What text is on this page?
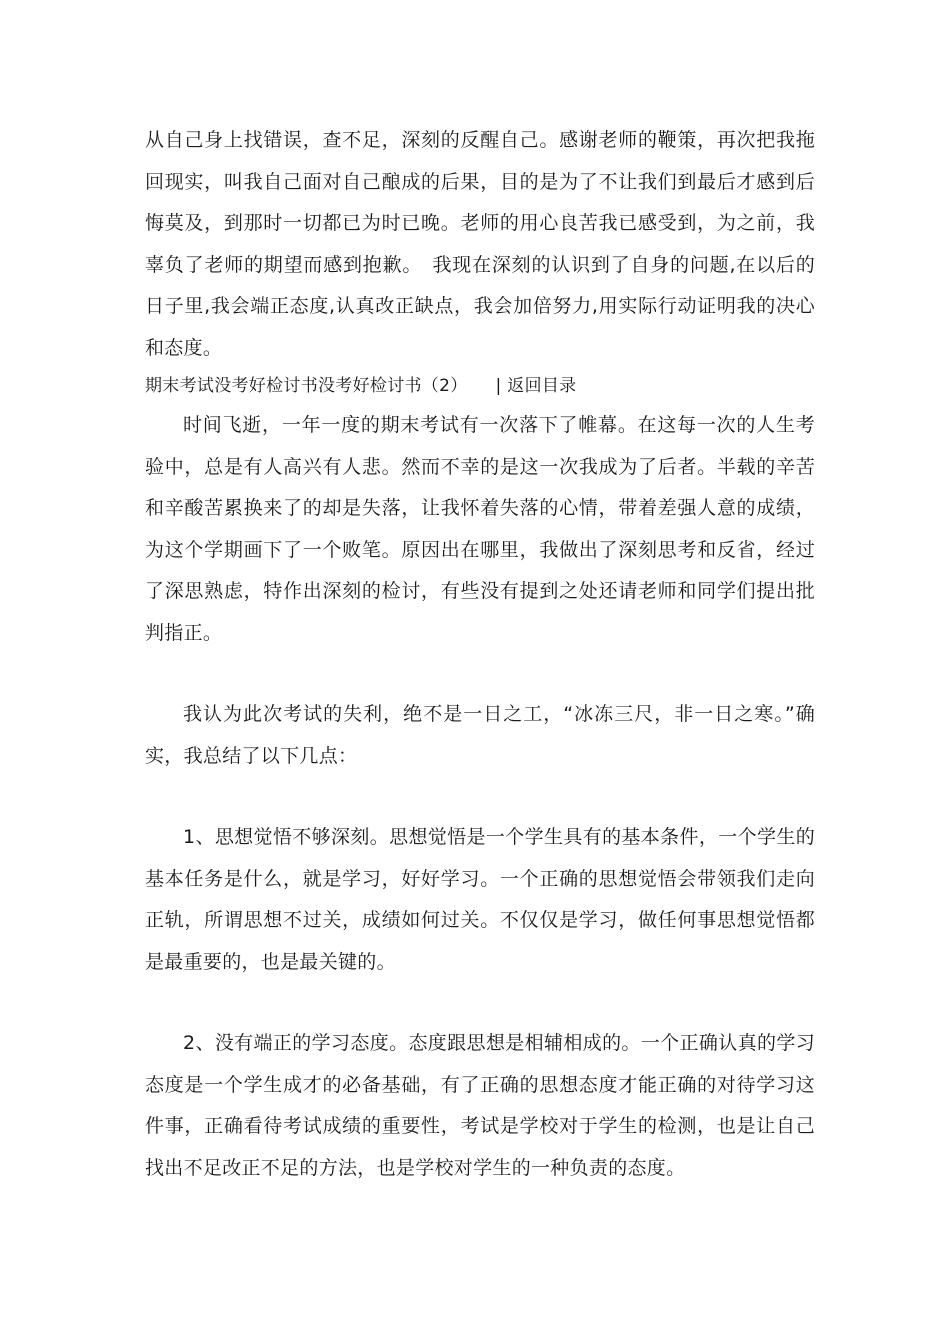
从自己身上找错误，查不足，深刻的反醒自己。感谢老师的鞭策，再次把我拖回现实，叫我自己面对自己酿成的后果，目的是为了不让我们到最后才感到后悔莫及，到那时一切都已为时已晚。老师的用心良苦我已感受到，为之前，我辜负了老师的期望而感到抱歉。　我现在深刻的认识到了自身的问题,在以后的日子里,我会端正态度,认真改正缺点，我会加倍努力,用实际行动证明我的决心和态度。

期末考试没考好检讨书没考好检讨书（2） | 返回目录

时间飞逝，一年一度的期末考试有一次落下了帷幕。在这每一次的人生考验中，总是有人高兴有人悲。然而不幸的是这一次我成为了后者。半载的辛苦和辛酸苦累换来了的却是失落，让我怀着失落的心情，带着差强人意的成绩，为这个学期画下了一个败笔。原因出在哪里，我做出了深刻思考和反省，经过了深思熟虑，特作出深刻的检讨，有些没有提到之处还请老师和同学们提出批判指正。

我认为此次考试的失利，绝不是一日之工，“冰冻三尺，非一日之寒。”确实，我总结了以下几点：

1、思想觉悟不够深刻。思想觉悟是一个学生具有的基本条件，一个学生的基本任务是什么，就是学习，好好学习。一个正确的思想觉悟会带领我们走向正轨，所谓思想不过关，成绩如何过关。不仅仅是学习，做任何事思想觉悟都是最重要的，也是最关键的。

2、没有端正的学习态度。态度跟思想是相辅相成的。一个正确认真的学习态度是一个学生成才的必备基础，有了正确的思想态度才能正确的对待学习这件事，正确看待考试成绩的重要性，考试是学校对于学生的检测，也是让自己找出不足改正不足的方法，也是学校对学生的一种负责的态度。
